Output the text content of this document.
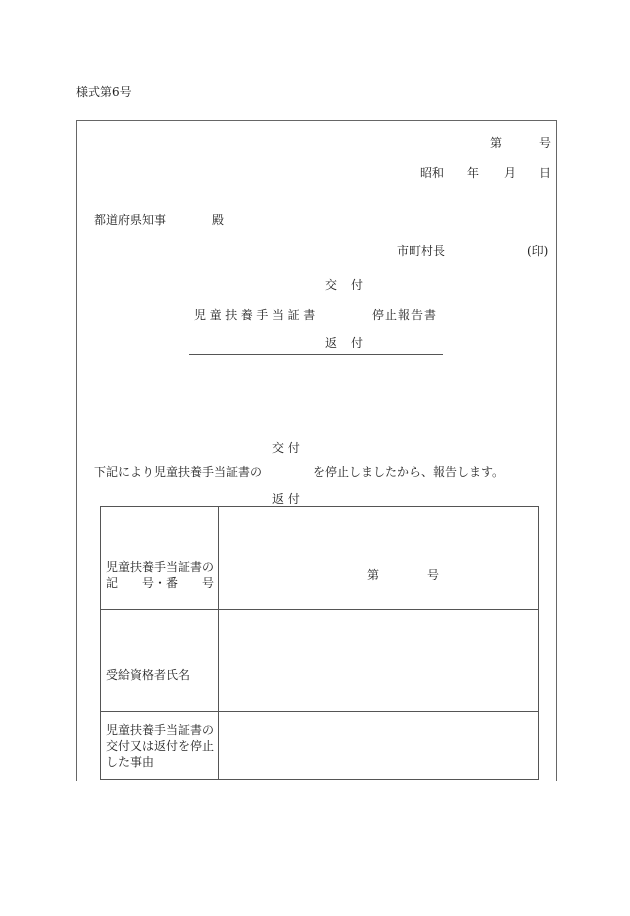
様式第6号
第	号
昭和 年 月 日
都道府県知事	殿
市町村長	(印)
交　付
児童扶養手当証書	停止報告書
返　付
交 付
下記により児童扶養手当証書の	を停止しましたから、報告します。
返 付
児童扶養手当証書の
記　　号・番　　号	第 号

受給資格者氏名	

児童扶養手当証書の
交付又は返付を停止
した事由	
